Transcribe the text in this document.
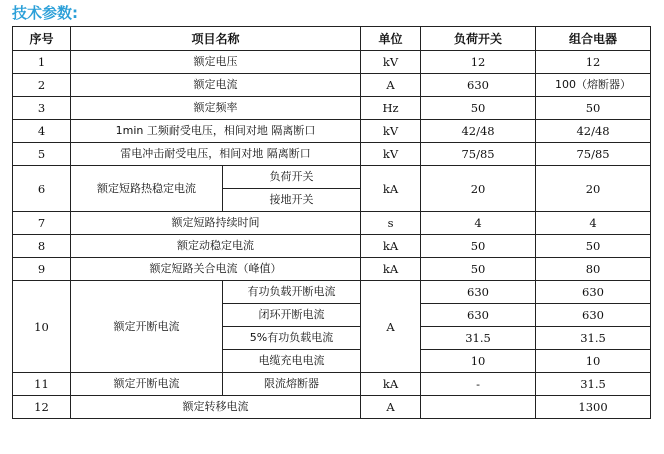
技术参数:
序号	项目名称		单位	负荷开关	组合电器
1	额定电压		kV	12	12
2	额定电流		A	630	100（熔断器）
3	额定频率		Hz	50	50
4	1min 工频耐受电压，相间对地 隔离断口		kV	42/48	42/48
5	雷电冲击耐受电压，相间对地 隔离断口		kV	75/85	75/85
6	额定短路热稳定电流	负荷开关	kA	20	20
		接地开关			
7	额定短路持续时间		s	4	4
8	额定动稳定电流		kA	50	50
9	额定短路关合电流（峰值）		kA	50	80
10	额定开断电流	有功负载开断电流	A	630	630
		闭环开断电流		630	630
		5%有功负载电流		31.5	31.5
		电缆充电电流		10	10
11	额定开断电流	限流熔断器	kA	-	31.5
12	额定转移电流		A		1300
